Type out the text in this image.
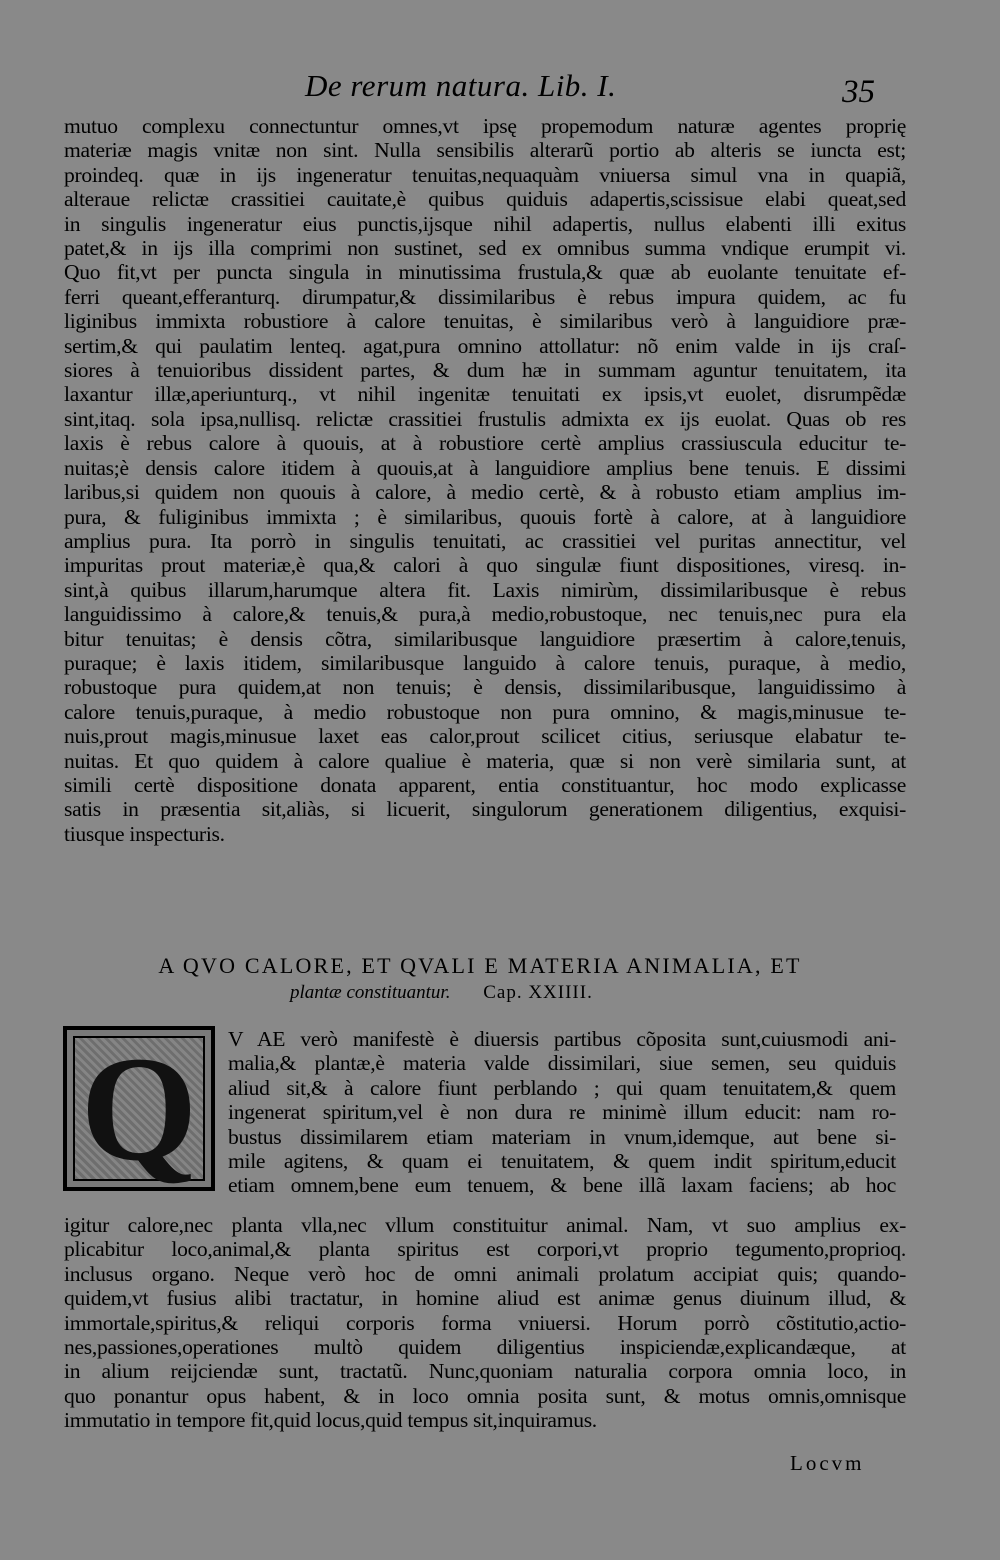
De rerum natura. Lib. I.	35
mutuo complexu connectuntur omnes,vt ipsę propemodum naturæ agentes proprię
materiæ magis vnitæ non sint. Nulla sensibilis alterarũ portio ab alteris se iuncta est;
proindeq. quæ in ijs ingeneratur tenuitas,nequaquàm vniuersa simul vna in quapiã,
alteraue relictæ crassitiei cauitate,è quibus quiduis adapertis,scissisue elabi queat,sed
in singulis ingeneratur eius punctis,ijsque nihil adapertis, nullus elabenti illi exitus
patet,& in ijs illa comprimi non sustinet, sed ex omnibus summa vndique erumpit vi.
Quo fit,vt per puncta singula in minutissima frustula,& quæ ab euolante tenuitate ef-
ferri queant,efferanturq. dirumpatur,& dissimilaribus è rebus impura quidem, ac fu
liginibus immixta robustiore à calore tenuitas, è similaribus verò à languidiore præ-
sertim,& qui paulatim lenteq. agat,pura omnino attollatur: nõ enim valde in ijs craſ-
siores à tenuioribus dissident partes, & dum hæ in summam aguntur tenuitatem, ita
laxantur illæ,aperiunturq., vt nihil ingenitæ tenuitati ex ipsis,vt euolet, disrumpẽdæ
sint,itaq. sola ipsa,nullisq. relictæ crassitiei frustulis admixta ex ijs euolat. Quas ob res
laxis è rebus calore à quouis, at à robustiore certè amplius crassiuscula educitur te-
nuitas;è densis calore itidem à quouis,at à languidiore amplius bene tenuis. E dissimi
laribus,si quidem non quouis à calore, à medio certè, & à robusto etiam amplius im-
pura, & fuliginibus immixta ; è similaribus, quouis fortè à calore, at à languidiore
amplius pura. Ita porrò in singulis tenuitati, ac crassitiei vel puritas annectitur, vel
impuritas prout materiæ,è qua,& calori à quo singulæ fiunt dispositiones, viresq. in-
sint,à quibus illarum,harumque altera fit. Laxis nimirùm, dissimilaribusque è rebus
languidissimo à calore,& tenuis,& pura,à medio,robustoque, nec tenuis,nec pura ela
bitur tenuitas; è densis cõtra, similaribusque languidiore præsertim à calore,tenuis,
puraque; è laxis itidem, similaribusque languido à calore tenuis, puraque, à medio,
robustoque pura quidem,at non tenuis; è densis, dissimilaribusque, languidissimo à
calore tenuis,puraque, à medio robustoque non pura omnino, & magis,minusue te-
nuis,prout magis,minusue laxet eas calor,prout scilicet citius, seriusque elabatur te-
nuitas. Et quo quidem à calore qualiue è materia, quæ si non verè similaria sunt, at
simili certè dispositione donata apparent, entia constituantur, hoc modo explicasse
satis in præsentia sit,aliàs, si licuerit, singulorum generationem diligentius, exquisi-
tiusque inspecturis.
A QVO CALORE, ET QVALI E MATERIA ANIMALIA, ET
plantæ constituantur. Cap. XXIIII.
Q	V AE verò manifestè è diuersis partibus cõposita sunt,cuiusmodi ani-
malia,& plantæ,è materia valde dissimilari, siue semen, seu quiduis
aliud sit,& à calore fiunt perblando ; qui quam tenuitatem,& quem
ingenerat spiritum,vel è non dura re minimè illum educit: nam ro-
bustus dissimilarem etiam materiam in vnum,idemque, aut bene si-
mile agitens, & quam ei tenuitatem, & quem indit spiritum,educit
etiam omnem,bene eum tenuem, & bene illã laxam faciens; ab hoc
igitur calore,nec planta vlla,nec vllum constituitur animal. Nam, vt suo amplius ex-
plicabitur loco,animal,& planta spiritus est corpori,vt proprio tegumento,proprioq.
inclusus organo. Neque verò hoc de omni animali prolatum accipiat quis; quando-
quidem,vt fusius alibi tractatur, in homine aliud est animæ genus diuinum illud, &
immortale,spiritus,& reliqui corporis forma vniuersi. Horum porrò cõstitutio,actio-
nes,passiones,operationes multò quidem diligentius inspiciendæ,explicandæque, at
in alium reijciendæ sunt, tractatũ. Nunc,quoniam naturalia corpora omnia loco, in
quo ponantur opus habent, & in loco omnia posita sunt, & motus omnis,omnisque
immutatio in tempore fit,quid locus,quid tempus sit,inquiramus.
Locvm
